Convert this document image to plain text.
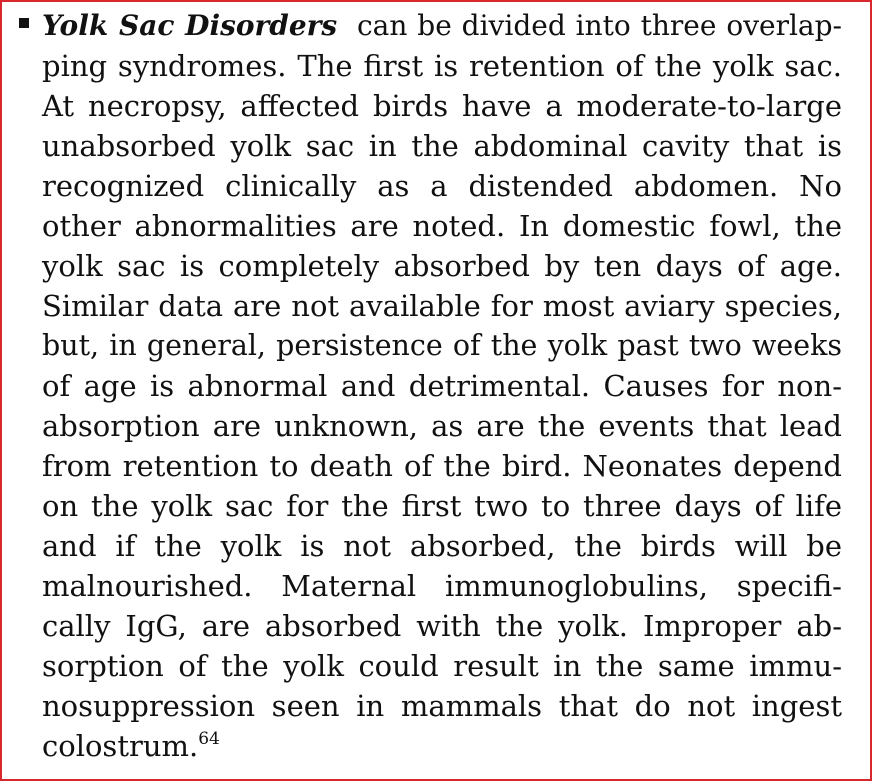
Yolk Sac Disorders can be divided into three overlap-
ping syndromes. The first is retention of the yolk sac.
At necropsy, affected birds have a moderate-to-large
unabsorbed yolk sac in the abdominal cavity that is
recognized clinically as a distended abdomen. No
other abnormalities are noted. In domestic fowl, the
yolk sac is completely absorbed by ten days of age.
Similar data are not available for most aviary species,
but, in general, persistence of the yolk past two weeks
of age is abnormal and detrimental. Causes for non-
absorption are unknown, as are the events that lead
from retention to death of the bird. Neonates depend
on the yolk sac for the first two to three days of life
and if the yolk is not absorbed, the birds will be
malnourished. Maternal immunoglobulins, specifi-
cally IgG, are absorbed with the yolk. Improper ab-
sorption of the yolk could result in the same immu-
nosuppression seen in mammals that do not ingest
colostrum.$^{64}$
